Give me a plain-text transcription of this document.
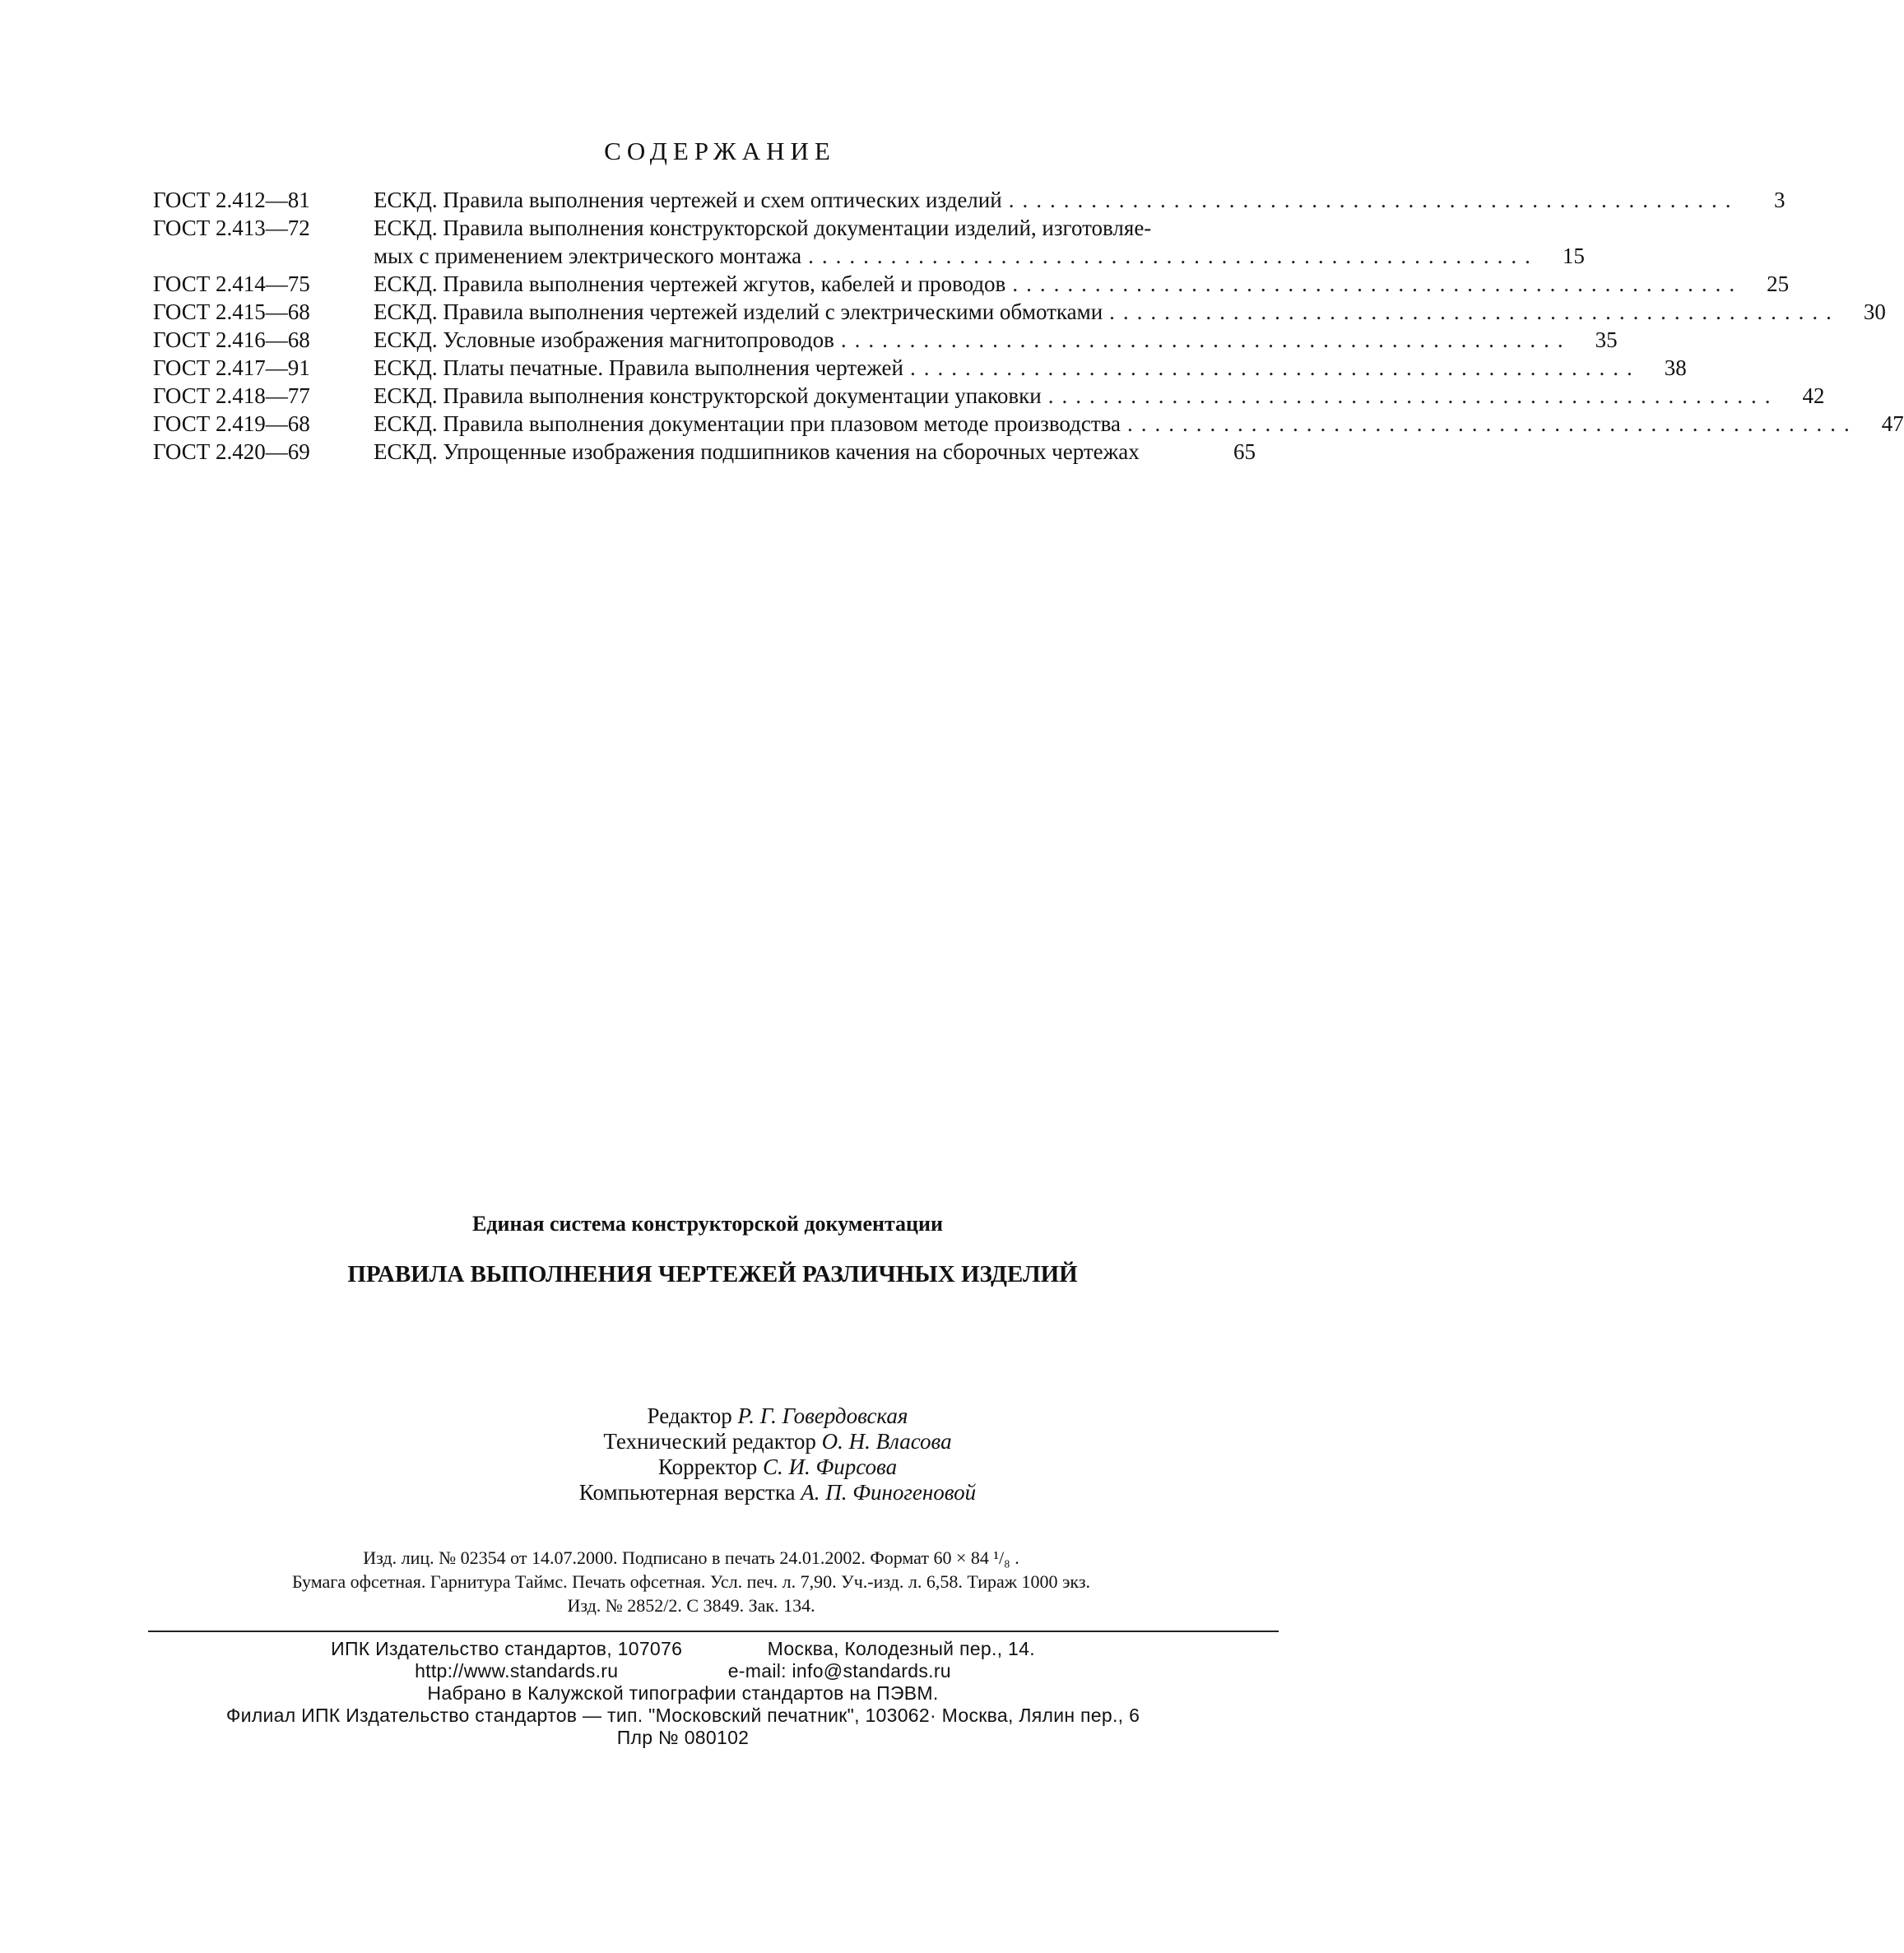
СОДЕРЖАНИЕ
ГОСТ 2.412—81	ЕСКД. Правила выполнения чертежей и схем оптических изделий .....................................................	3
ГОСТ 2.413—72	ЕСКД. Правила выполнения конструкторской документации изделий, изготовляе-
мых с применением электрического монтажа .....................................................	15
ГОСТ 2.414—75	ЕСКД. Правила выполнения чертежей жгутов, кабелей и проводов .....................................................	25
ГОСТ 2.415—68	ЕСКД. Правила выполнения чертежей изделий с электрическими обмотками .....................................................	30
ГОСТ 2.416—68	ЕСКД. Условные изображения магнитопроводов .....................................................	35
ГОСТ 2.417—91	ЕСКД. Платы печатные. Правила выполнения чертежей .....................................................	38
ГОСТ 2.418—77	ЕСКД. Правила выполнения конструкторской документации упаковки .....................................................	42
ГОСТ 2.419—68	ЕСКД. Правила выполнения документации при плазовом методе производства .....................................................	47
ГОСТ 2.420—69	ЕСКД. Упрощенные изображения подшипников качения на сборочных чертежах	65
Единая система конструкторской документации
ПРАВИЛА ВЫПОЛНЕНИЯ ЧЕРТЕЖЕЙ РАЗЛИЧНЫХ ИЗДЕЛИЙ
Редактор Р. Г. Говердовская
Технический редактор О. Н. Власова
Корректор С. И. Фирсова
Компьютерная верстка А. П. Финогеновой
Изд. лиц. № 02354 от 14.07.2000. Подписано в печать 24.01.2002. Формат 60 × 84 ¹/₈ .
Бумага офсетная. Гарнитура Таймс. Печать офсетная. Усл. печ. л. 7,90. Уч.-изд. л. 6,58. Тираж 1000 экз.
Изд. № 2852/2. С 3849. Зак. 134.
ИПК Издательство стандартов, 107076	Москва, Колодезный пер., 14.
http://www.standards.ru	e-mail: info@standards.ru
Набрано в Калужской типографии стандартов на ПЭВМ.
Филиал ИПК Издательство стандартов — тип. "Московский печатник", 103062· Москва, Лялин пер., 6
Плр № 080102
